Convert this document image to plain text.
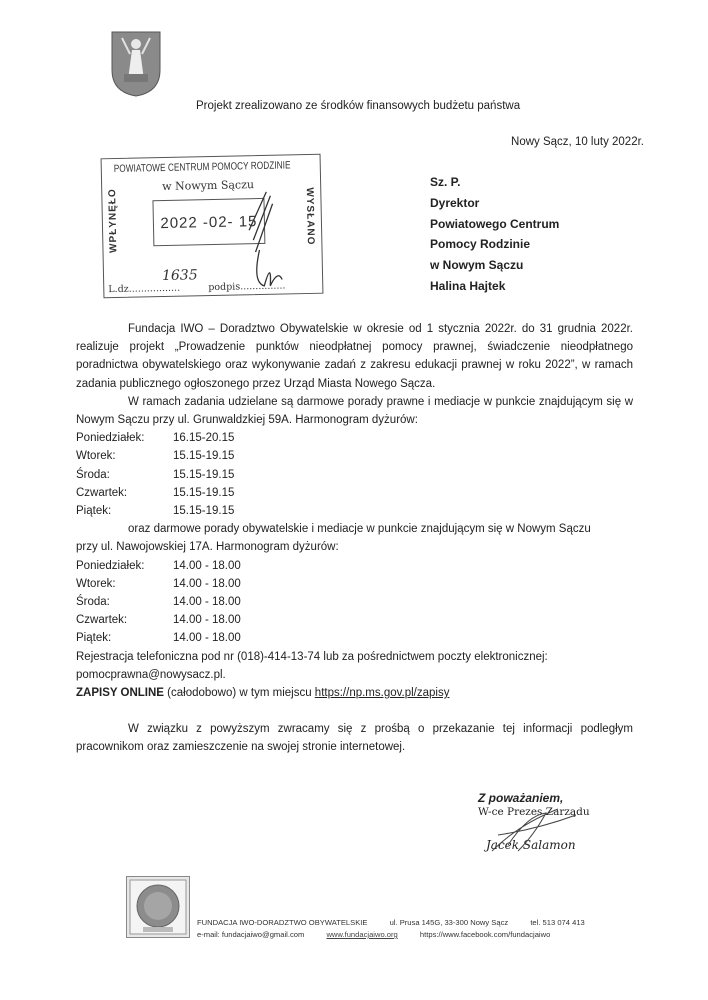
Projekt zrealizowano ze środków finansowych budżetu państwa
Nowy Sącz, 10 luty 2022r.
POWIATOWE CENTRUM POMOCY RODZINIE
w Nowym Sączu
2022 -02- 15
WPŁYNĘŁO	WYSŁANO
L.dz.................
1635
podpis...............
Sz. P.
Dyrektor
Powiatowego Centrum
Pomocy Rodzinie
w Nowym Sączu
Halina Hajtek
Fundacja IWO – Doradztwo Obywatelskie w okresie od 1 stycznia 2022r. do 31 grudnia 2022r. realizuje projekt „Prowadzenie punktów nieodpłatnej pomocy prawnej, świadczenie nieodpłatnego poradnictwa obywatelskiego oraz wykonywanie zadań z zakresu edukacji prawnej w roku 2022”, w ramach zadania publicznego ogłoszonego przez Urząd Miasta Nowego Sącza.
W ramach zadania udzielane są darmowe porady prawne i mediacje w punkcie znajdującym się w Nowym Sączu przy ul. Grunwaldzkiej 59A. Harmonogram dyżurów:
Poniedziałek:	16.15-20.15
Wtorek:	15.15-19.15
Środa:	15.15-19.15
Czwartek:	15.15-19.15
Piątek:	15.15-19.15
oraz darmowe porady obywatelskie i mediacje w punkcie znajdującym się w Nowym Sączu
przy ul. Nawojowskiej 17A. Harmonogram dyżurów:
Poniedziałek:	14.00 - 18.00
Wtorek:	14.00 - 18.00
Środa:	14.00 - 18.00
Czwartek:	14.00 - 18.00
Piątek:	14.00 - 18.00
Rejestracja telefoniczna pod nr (018)-414-13-74 lub za pośrednictwem poczty elektronicznej:
pomocprawna@nowysacz.pl.
ZAPISY ONLINE (całodobowo) w tym miejscu https://np.ms.gov.pl/zapisy
W związku z powyższym zwracamy się z prośbą o przekazanie tej informacji podległym pracownikom oraz zamieszczenie na swojej stronie internetowej.
Z poważaniem,
W-ce Prezes Zarządu
Jacek Salamon
FUNDACJA IWO-DORADZTWO OBYWATELSKIE	ul. Prusa 145G, 33-300 Nowy Sącz	tel. 513 074 413
e-mail: fundacjaiwo@gmail.com	www.fundacjaiwo.org	https://www.facebook.com/fundacjaiwo
